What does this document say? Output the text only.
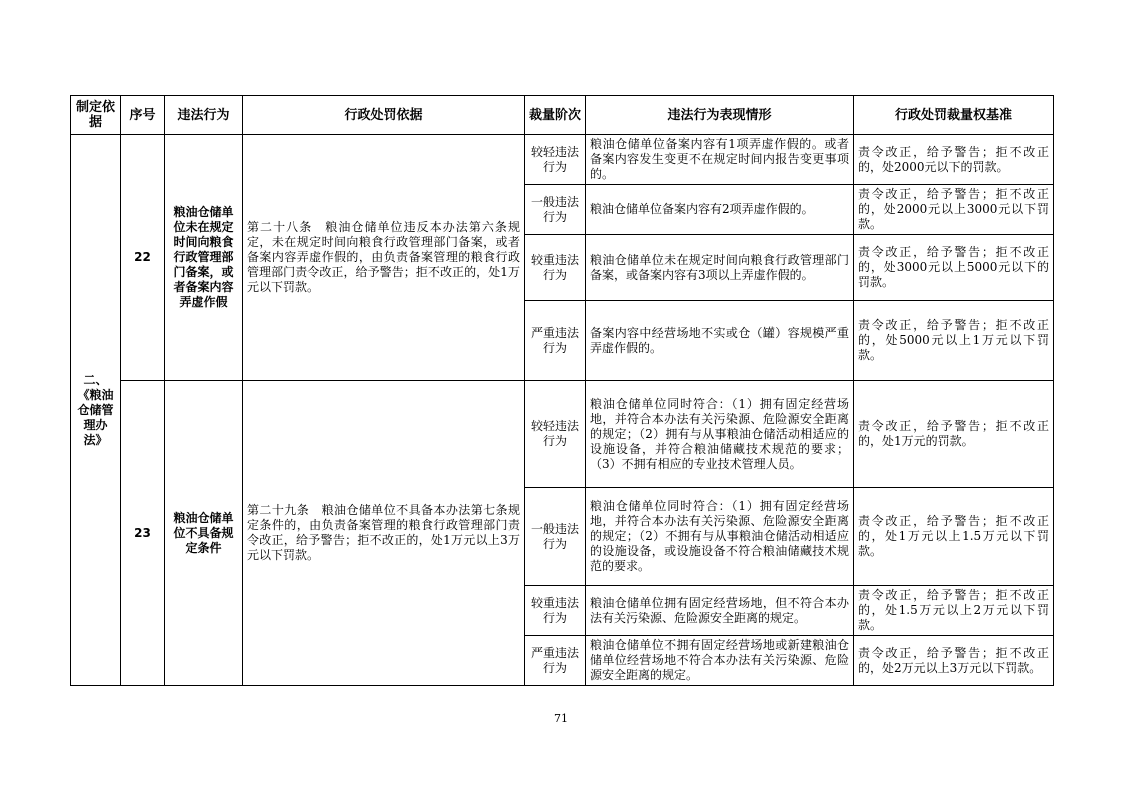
制定依据	序号	违法行为	行政处罚依据	裁量阶次	违法行为表现情形	行政处罚裁量权基准
二、《粮油仓储管理办法》	22	粮油仓储单位未在规定时间向粮食行政管理部门备案，或者备案内容弄虚作假	第二十八条　粮油仓储单位违反本办法第六条规定，未在规定时间向粮食行政管理部门备案，或者备案内容弄虚作假的，由负责备案管理的粮食行政管理部门责令改正，给予警告；拒不改正的，处1万元以下罚款。	较轻违法行为	粮油仓储单位备案内容有1项弄虚作假的。或者备案内容发生变更不在规定时间内报告变更事项的。	责令改正，给予警告；拒不改正的，处2000元以下的罚款。
				一般违法行为	粮油仓储单位备案内容有2项弄虚作假的。	责令改正，给予警告；拒不改正的，处2000元以上3000元以下罚款。
				较重违法行为	粮油仓储单位未在规定时间向粮食行政管理部门备案，或备案内容有3项以上弄虚作假的。	责令改正，给予警告；拒不改正的，处3000元以上5000元以下的罚款。
				严重违法行为	备案内容中经营场地不实或仓（罐）容规模严重弄虚作假的。	责令改正，给予警告；拒不改正的，处5000元以上1万元以下罚款。
	23	粮油仓储单位不具备规定条件	第二十九条　粮油仓储单位不具备本办法第七条规定条件的，由负责备案管理的粮食行政管理部门责令改正，给予警告；拒不改正的，处1万元以上3万元以下罚款。	较轻违法行为	粮油仓储单位同时符合：（1）拥有固定经营场地，并符合本办法有关污染源、危险源安全距离的规定；（2）拥有与从事粮油仓储活动相适应的设施设备，并符合粮油储藏技术规范的要求；（3）不拥有相应的专业技术管理人员。	责令改正，给予警告；拒不改正的，处1万元的罚款。
				一般违法行为	粮油仓储单位同时符合：（1）拥有固定经营场地，并符合本办法有关污染源、危险源安全距离的规定；（2）不拥有与从事粮油仓储活动相适应的设施设备，或设施设备不符合粮油储藏技术规范的要求。	责令改正，给予警告；拒不改正的，处1万元以上1.5万元以下罚款。
				较重违法行为	粮油仓储单位拥有固定经营场地，但不符合本办法有关污染源、危险源安全距离的规定。	责令改正，给予警告；拒不改正的，处1.5万元以上2万元以下罚款。
				严重违法行为	粮油仓储单位不拥有固定经营场地或新建粮油仓储单位经营场地不符合本办法有关污染源、危险源安全距离的规定。	责令改正，给予警告；拒不改正的，处2万元以上3万元以下罚款。
71
